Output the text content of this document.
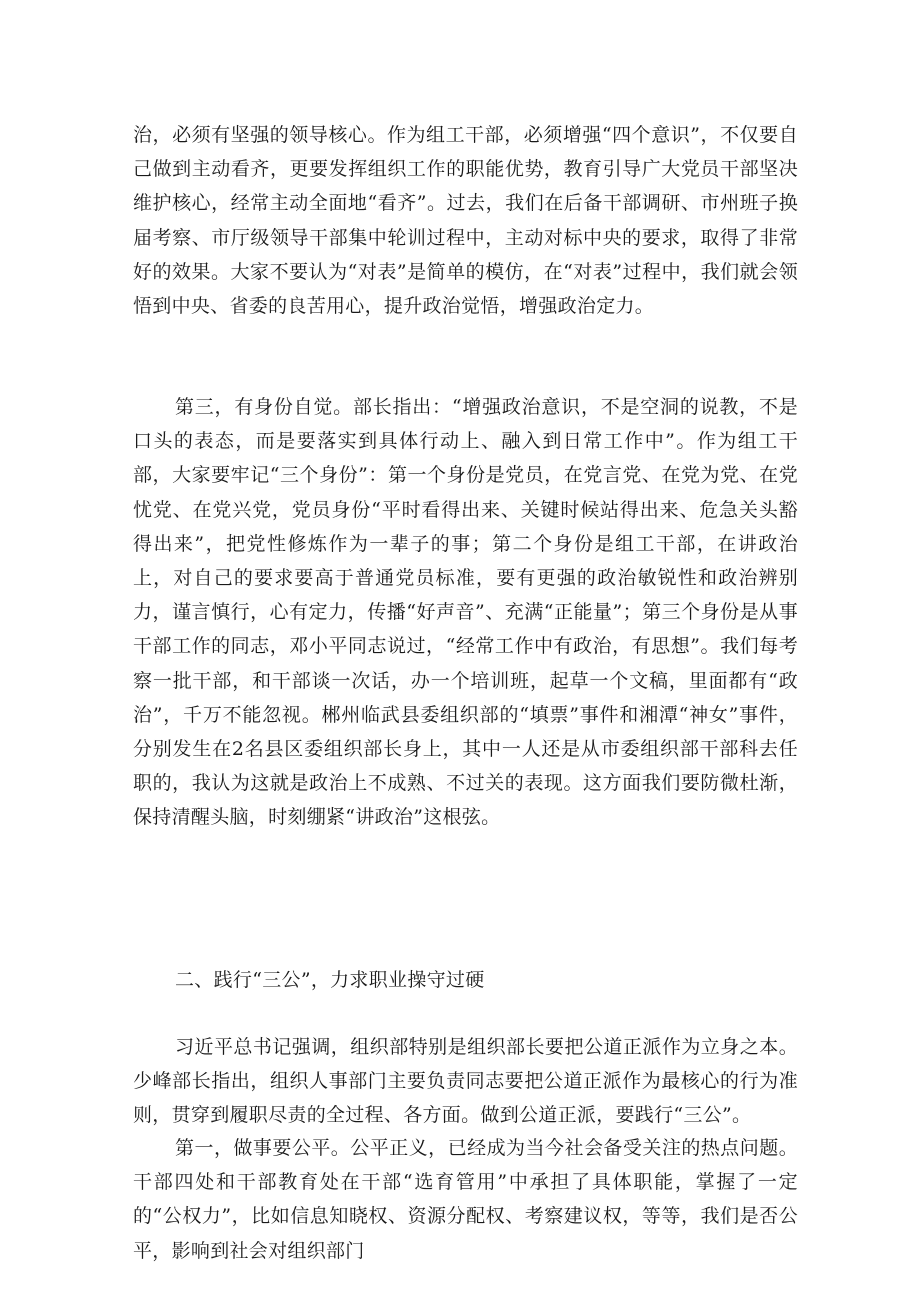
治，必须有坚强的领导核心。作为组工干部，必须增强“四个意识”，不仅要自己做到主动看齐，更要发挥组织工作的职能优势，教育引导广大党员干部坚决维护核心，经常主动全面地“看齐”。过去，我们在后备干部调研、市州班子换届考察、市厅级领导干部集中轮训过程中，主动对标中央的要求，取得了非常好的效果。大家不要认为“对表”是简单的模仿，在“对表”过程中，我们就会领悟到中央、省委的良苦用心，提升政治觉悟，增强政治定力。

第三，有身份自觉。部长指出：“增强政治意识，不是空洞的说教，不是口头的表态，而是要落实到具体行动上、融入到日常工作中”。作为组工干部，大家要牢记“三个身份”：第一个身份是党员，在党言党、在党为党、在党忧党、在党兴党，党员身份“平时看得出来、关键时候站得出来、危急关头豁得出来”，把党性修炼作为一辈子的事；第二个身份是组工干部，在讲政治上，对自己的要求要高于普通党员标准，要有更强的政治敏锐性和政治辨别力，谨言慎行，心有定力，传播“好声音”、充满“正能量”；第三个身份是从事干部工作的同志，邓小平同志说过，“经常工作中有政治，有思想”。我们每考察一批干部，和干部谈一次话，办一个培训班，起草一个文稿，里面都有“政治”，千万不能忽视。郴州临武县委组织部的“填票”事件和湘潭“神女”事件，分别发生在2名县区委组织部长身上，其中一人还是从市委组织部干部科去任职的，我认为这就是政治上不成熟、不过关的表现。这方面我们要防微杜渐，保持清醒头脑，时刻绷紧“讲政治”这根弦。

二、践行“三公”，力求职业操守过硬

习近平总书记强调，组织部特别是组织部长要把公道正派作为立身之本。少峰部长指出，组织人事部门主要负责同志要把公道正派作为最核心的行为准则，贯穿到履职尽责的全过程、各方面。做到公道正派，要践行“三公”。

第一，做事要公平。公平正义，已经成为当今社会备受关注的热点问题。干部四处和干部教育处在干部“选育管用”中承担了具体职能，掌握了一定的“公权力”，比如信息知晓权、资源分配权、考察建议权，等等，我们是否公平，影响到社会对组织部门
